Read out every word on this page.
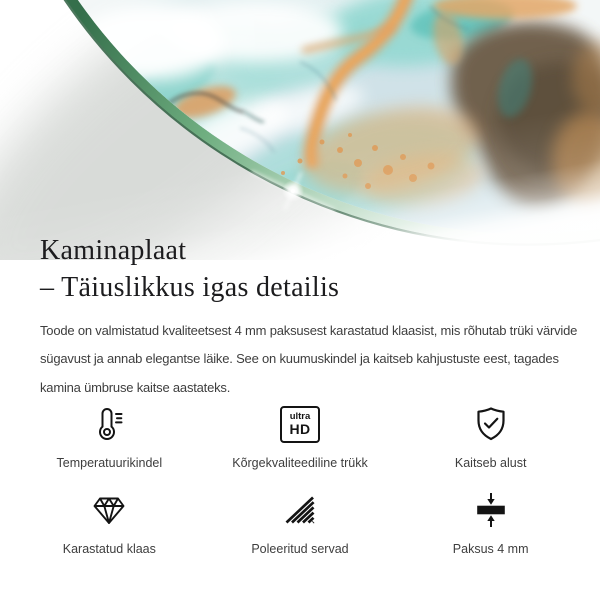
Kaminaplaat
– Täiuslikkus igas detailis
Toode on valmistatud kvaliteetsest 4 mm paksusest karastatud klaasist, mis rõhutab trüki värvide
sügavust ja annab elegantse läike. See on kuumuskindel ja kaitseb kahjustuste eest, tagades
kamina ümbruse kaitse aastateks.
Temperatuurikindel
ultra
HD
Kõrgekvaliteediline trükk	Kaitseb alust
Karastatud klaas	Poleeritud servad	Paksus 4 mm
